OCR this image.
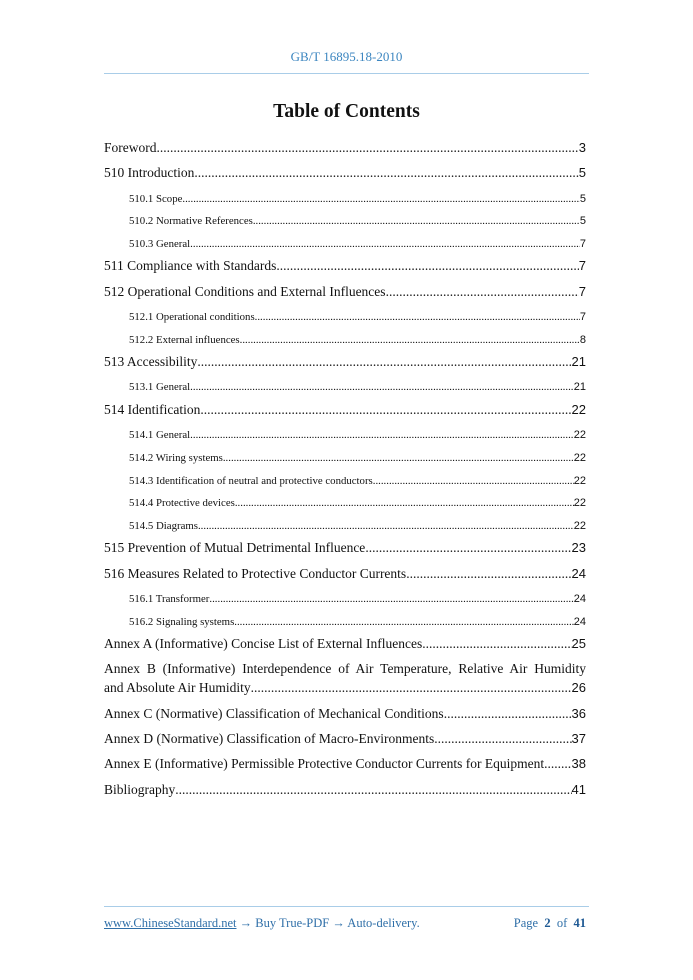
GB/T 16895.18-2010
Table of Contents
Foreword .....	3
510 Introduction .....	5
510.1 Scope .....	5
510.2 Normative References .....	5
510.3 General .....	7
511 Compliance with Standards .....	7
512 Operational Conditions and External Influences .....	7
512.1 Operational conditions .....	7
512.2 External influences .....	8
513 Accessibility .....	21
513.1 General .....	21
514 Identification .....	22
514.1 General .....	22
514.2 Wiring systems .....	22
514.3 Identification of neutral and protective conductors .....	22
514.4 Protective devices .....	22
514.5 Diagrams .....	22
515 Prevention of Mutual Detrimental Influence .....	23
516 Measures Related to Protective Conductor Currents .....	24
516.1 Transformer .....	24
516.2 Signaling systems .....	24
Annex A (Informative) Concise List of External Influences .....	25
Annex B (Informative) Interdependence of Air Temperature, Relative Air Humidity
and Absolute Air Humidity .....	26
Annex C (Normative) Classification of Mechanical Conditions .....	36
Annex D (Normative) Classification of Macro-Environments .....	37
Annex E (Informative) Permissible Protective Conductor Currents for Equipment ..... 38
Bibliography .....	41
www.ChineseStandard.net → Buy True-PDF → Auto-delivery.	Page 2 of 41
